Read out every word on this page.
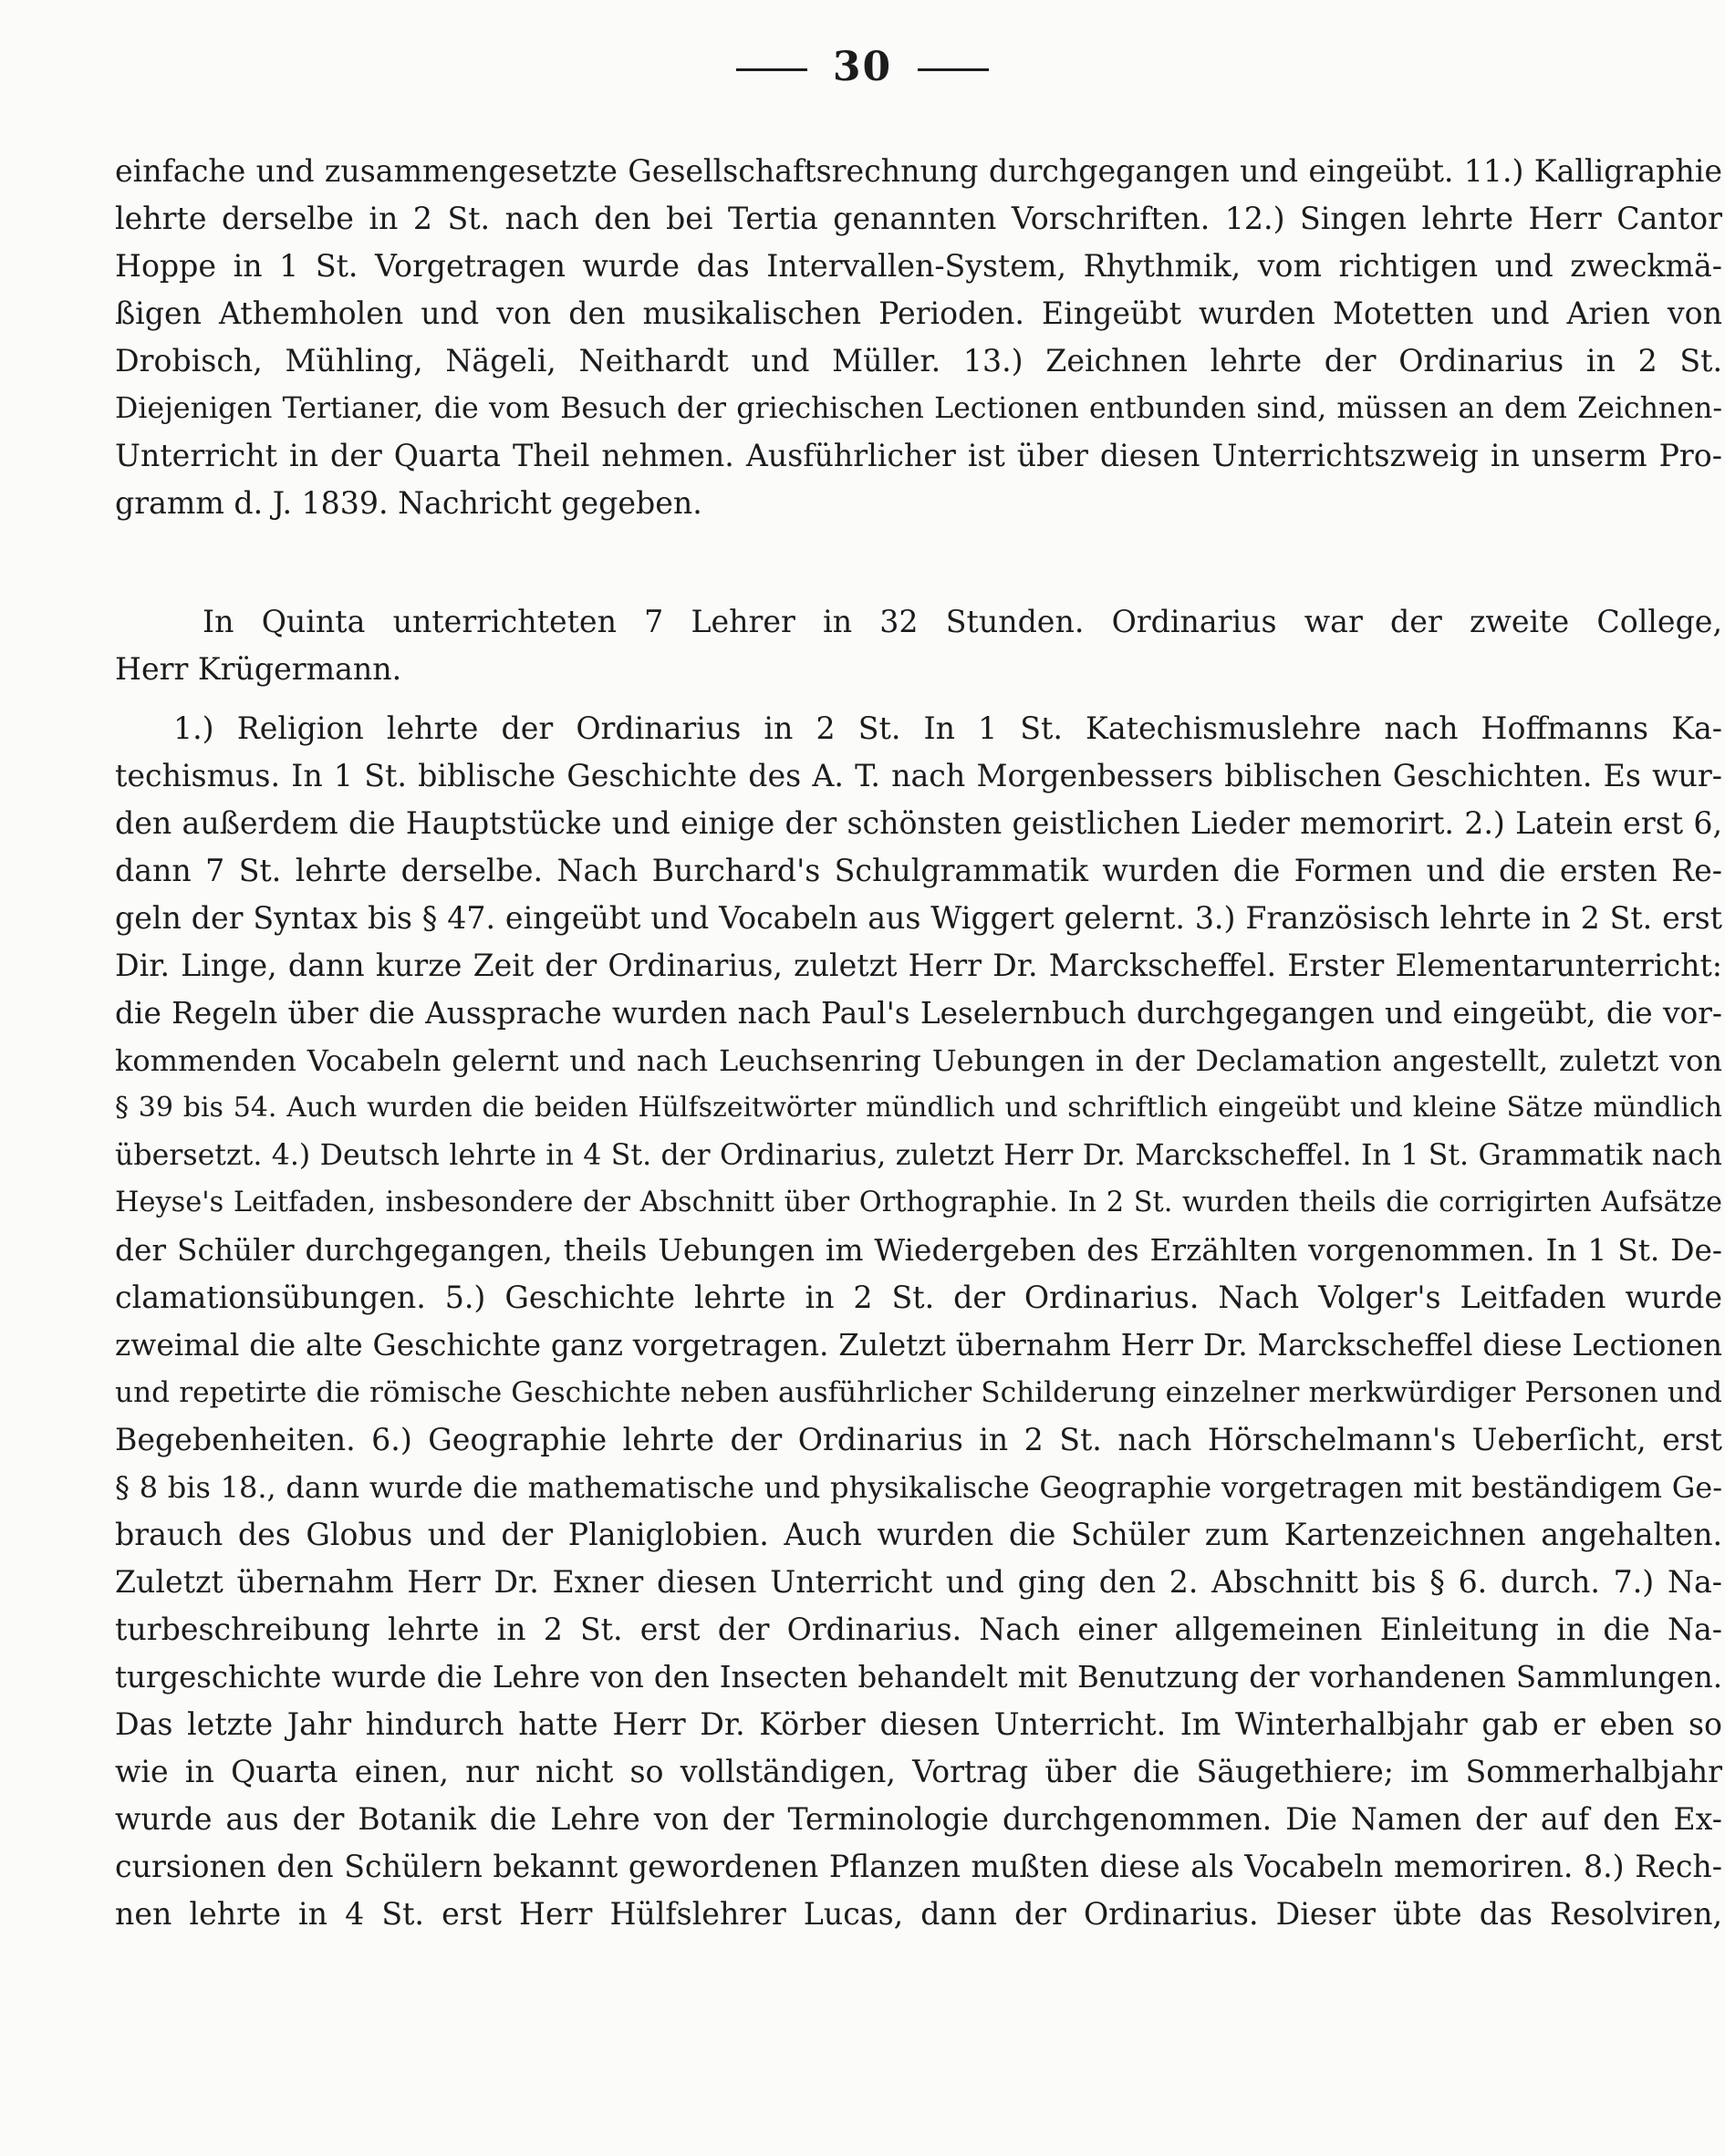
30
einfache und zusammengesetzte Gesellschaftsrechnung durchgegangen und eingeübt. 11.) Kalligraphie
lehrte derselbe in 2 St. nach den bei Tertia genannten Vorschriften. 12.) Singen lehrte Herr Cantor
Hoppe in 1 St. Vorgetragen wurde das Intervallen-System, Rhythmik, vom richtigen und zweckmä-
ßigen Athemholen und von den musikalischen Perioden. Eingeübt wurden Motetten und Arien von
Drobisch, Mühling, Nägeli, Neithardt und Müller. 13.) Zeichnen lehrte der Ordinarius in 2 St.
Diejenigen Tertianer, die vom Besuch der griechischen Lectionen entbunden sind, müssen an dem Zeichnen-
Unterricht in der Quarta Theil nehmen. Ausführlicher ist über diesen Unterrichtszweig in unserm Pro-
gramm d. J. 1839. Nachricht gegeben.
In Quinta unterrichteten 7 Lehrer in 32 Stunden. Ordinarius war der zweite College,
Herr Krügermann.
1.) Religion lehrte der Ordinarius in 2 St. In 1 St. Katechismuslehre nach Hoffmanns Ka-
techismus. In 1 St. biblische Geschichte des A. T. nach Morgenbessers biblischen Geschichten. Es wur-
den außerdem die Hauptstücke und einige der schönsten geistlichen Lieder memorirt. 2.) Latein erst 6,
dann 7 St. lehrte derselbe. Nach Burchard's Schulgrammatik wurden die Formen und die ersten Re-
geln der Syntax bis § 47. eingeübt und Vocabeln aus Wiggert gelernt. 3.) Französisch lehrte in 2 St. erst
Dir. Linge, dann kurze Zeit der Ordinarius, zuletzt Herr Dr. Marckscheffel. Erster Elementarunterricht:
die Regeln über die Aussprache wurden nach Paul's Leselernbuch durchgegangen und eingeübt, die vor-
kommenden Vocabeln gelernt und nach Leuchsenring Uebungen in der Declamation angestellt, zuletzt von
§ 39 bis 54. Auch wurden die beiden Hülfszeitwörter mündlich und schriftlich eingeübt und kleine Sätze mündlich
übersetzt. 4.) Deutsch lehrte in 4 St. der Ordinarius, zuletzt Herr Dr. Marckscheffel. In 1 St. Grammatik nach
Heyse's Leitfaden, insbesondere der Abschnitt über Orthographie. In 2 St. wurden theils die corrigirten Aufsätze
der Schüler durchgegangen, theils Uebungen im Wiedergeben des Erzählten vorgenommen. In 1 St. De-
clamationsübungen. 5.) Geschichte lehrte in 2 St. der Ordinarius. Nach Volger's Leitfaden wurde
zweimal die alte Geschichte ganz vorgetragen. Zuletzt übernahm Herr Dr. Marckscheffel diese Lectionen
und repetirte die römische Geschichte neben ausführlicher Schilderung einzelner merkwürdiger Personen und
Begebenheiten. 6.) Geographie lehrte der Ordinarius in 2 St. nach Hörschelmann's Ueberſicht, erst
§ 8 bis 18., dann wurde die mathematische und physikalische Geographie vorgetragen mit beständigem Ge-
brauch des Globus und der Planiglobien. Auch wurden die Schüler zum Kartenzeichnen angehalten.
Zuletzt übernahm Herr Dr. Exner diesen Unterricht und ging den 2. Abschnitt bis § 6. durch. 7.) Na-
turbeschreibung lehrte in 2 St. erst der Ordinarius. Nach einer allgemeinen Einleitung in die Na-
turgeschichte wurde die Lehre von den Insecten behandelt mit Benutzung der vorhandenen Sammlungen.
Das letzte Jahr hindurch hatte Herr Dr. Körber diesen Unterricht. Im Winterhalbjahr gab er eben so
wie in Quarta einen, nur nicht so vollständigen, Vortrag über die Säugethiere; im Sommerhalbjahr
wurde aus der Botanik die Lehre von der Terminologie durchgenommen. Die Namen der auf den Ex-
cursionen den Schülern bekannt gewordenen Pflanzen mußten diese als Vocabeln memoriren. 8.) Rech-
nen lehrte in 4 St. erst Herr Hülfslehrer Lucas, dann der Ordinarius. Dieser übte das Resolviren,
